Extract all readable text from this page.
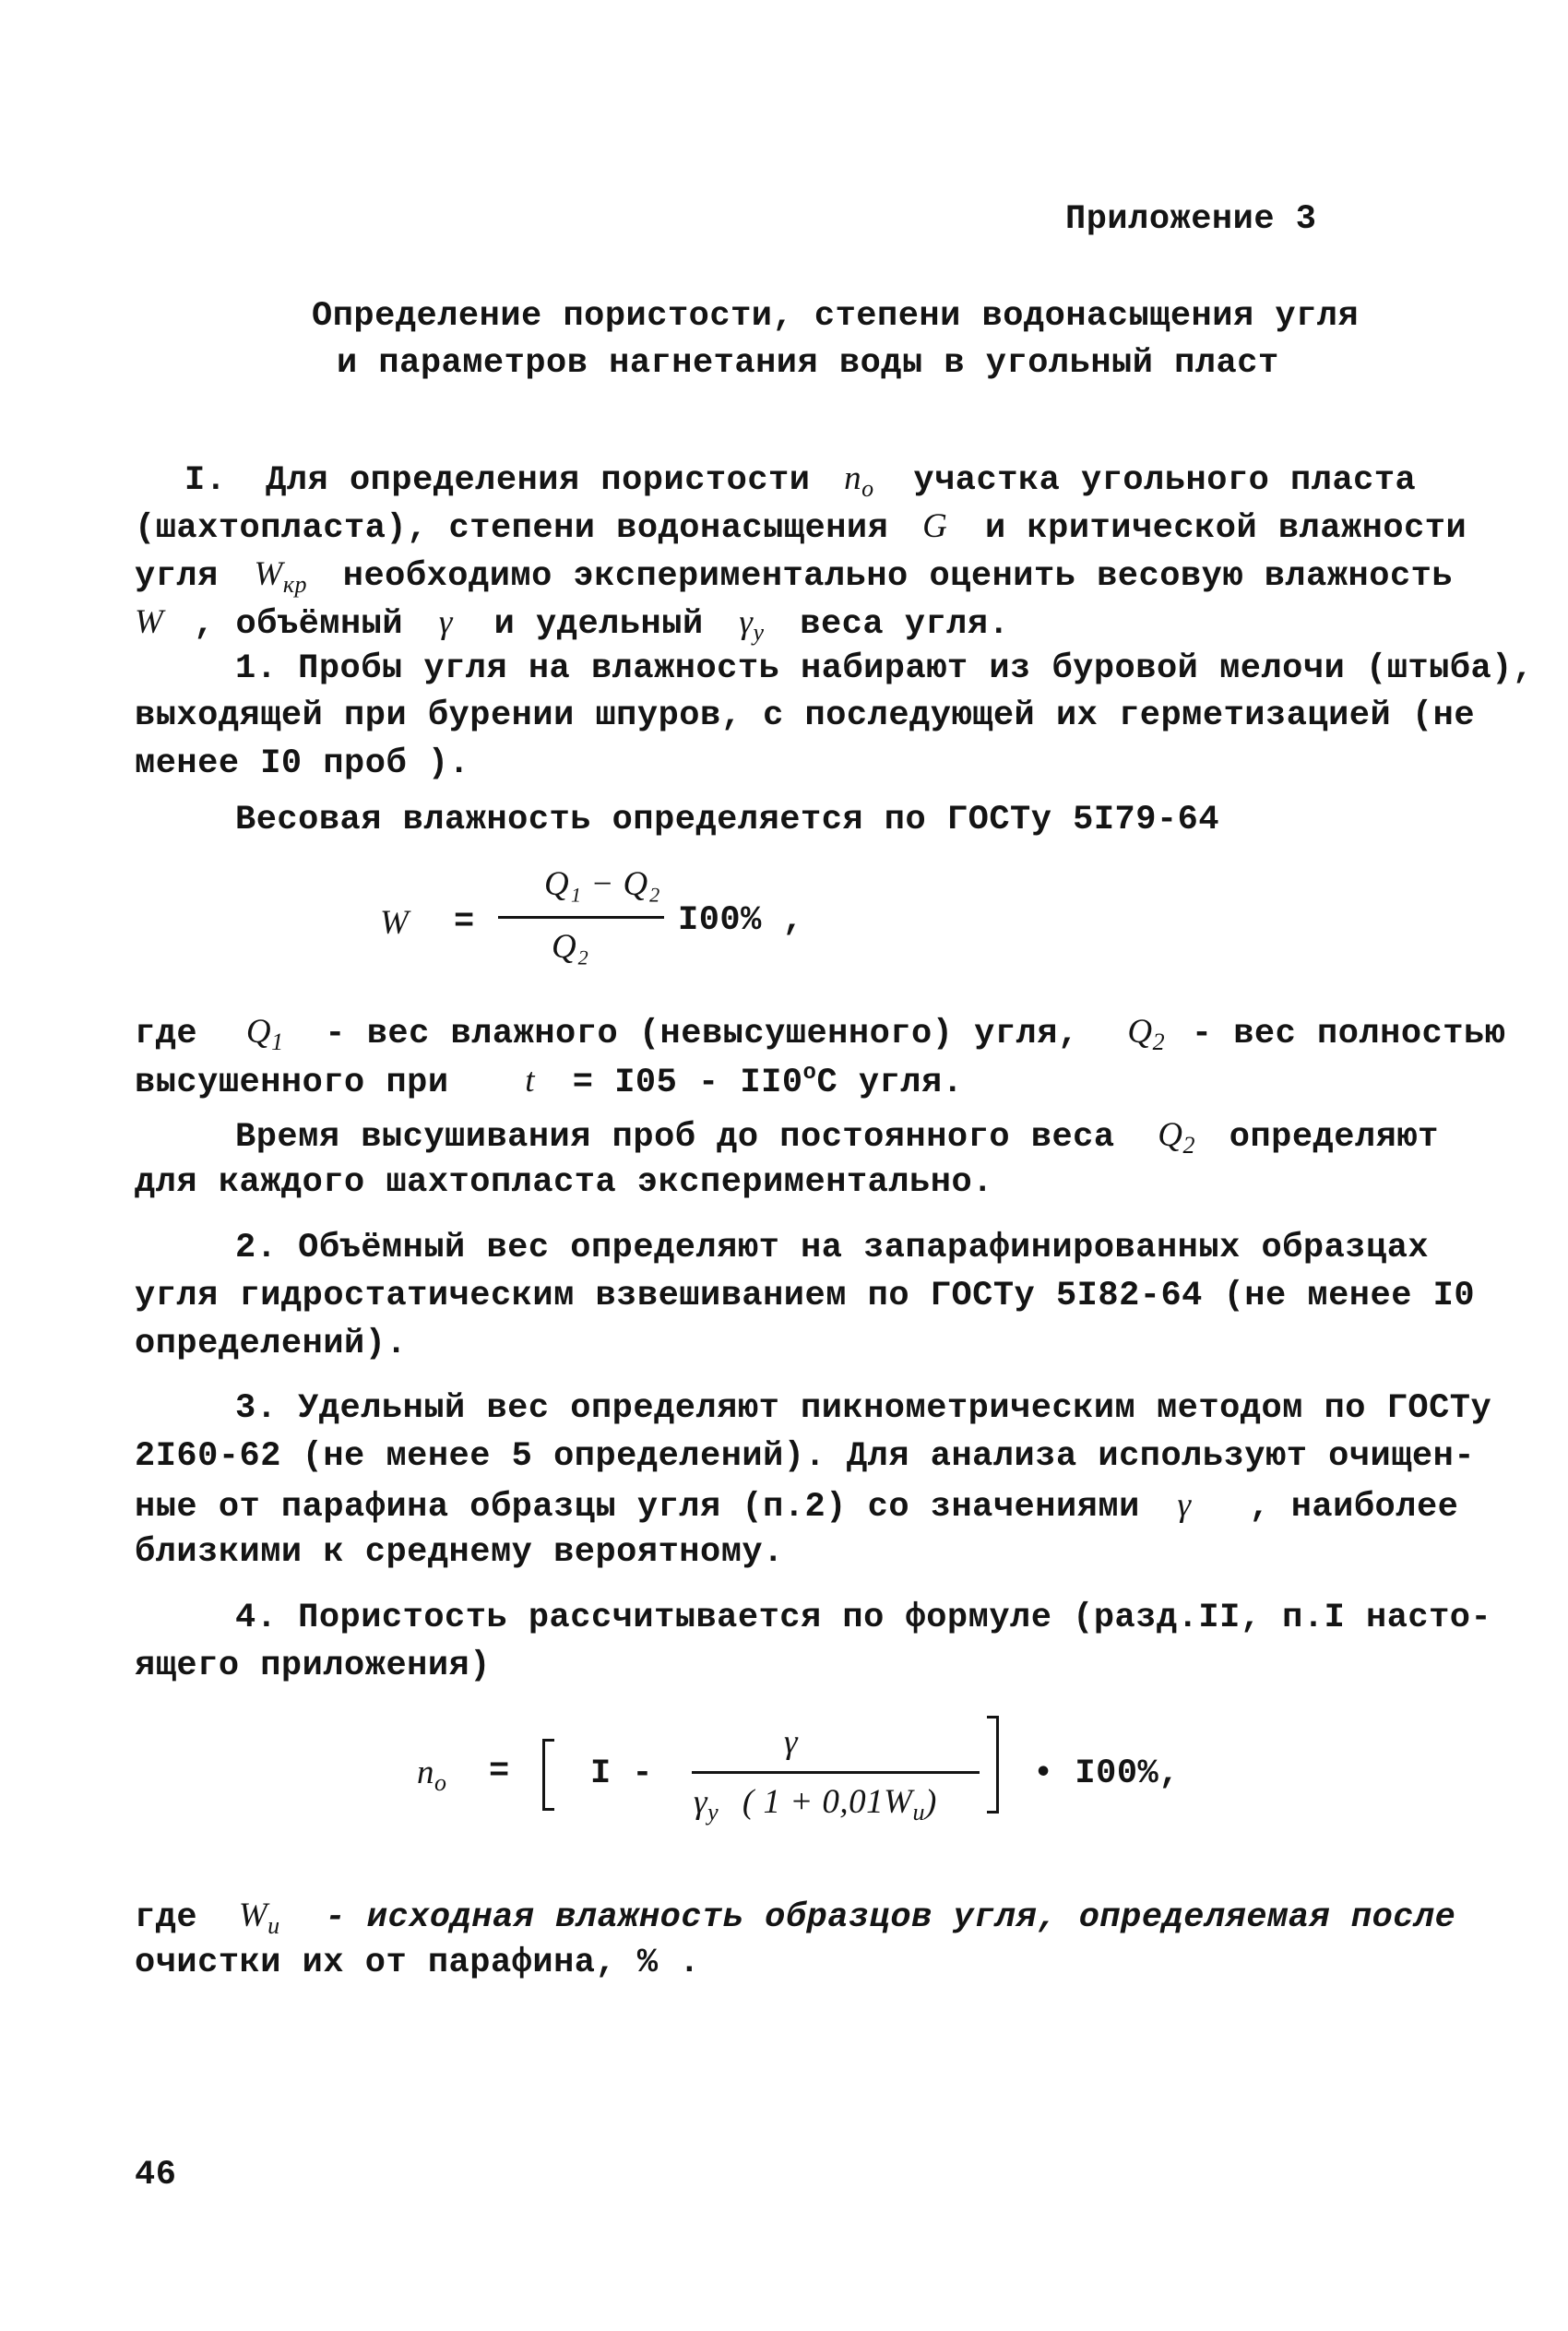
Приложение 3
Определение пористости, степени водонасыщения угля
и параметров нагнетания воды в угольный пласт
I. Для определения пористости $n_o$ участка угольного пласта
(шахтопласта), степени водонасыщения G и критической влажности
угля $W_{кр}$ необходимо экспериментально оценить весовую влажность
W , объёмный γ и удельный $\gamma_у$ веса угля.
1. Пробы угля на влажность набирают из буровой мелочи (штыба),
выходящей при бурении шпуров, с последующей их герметизацией (не
менее I0 проб ).
Весовая влажность определяется по ГОСТу 5I79-64
W =
Q₁ − Q₂
Q₂
I00% ,
где $Q_1$ - вес влажного (невысушенного) угля, $Q_2$ - вес полностью
высушенного при t = I05 - II0$^o$С угля.
Время высушивания проб до постоянного веса $Q_2$ определяют
для каждого шахтопласта экспериментально.
2. Объёмный вес определяют на запарафинированных образцах
угля гидростатическим взвешиванием по ГОСТу 5I82-64 (не менее I0
определений).
3. Удельный вес определяют пикнометрическим методом по ГОСТу
2I60-62 (не менее 5 определений). Для анализа используют очищен-
ные от парафина образцы угля (п.2) со значениями γ , наиболее
близкими к среднему вероятному.
4. Пористость рассчитывается по формуле (разд.II, п.I насто-
ящего приложения)
$n_o = I$ -
γ
$\gamma_у$ ( $1 + 0,01W_u$)
• I00%,
где $W_u$ - исходная влажность образцов угля, определяемая после
очистки их от парафина, % .
46
